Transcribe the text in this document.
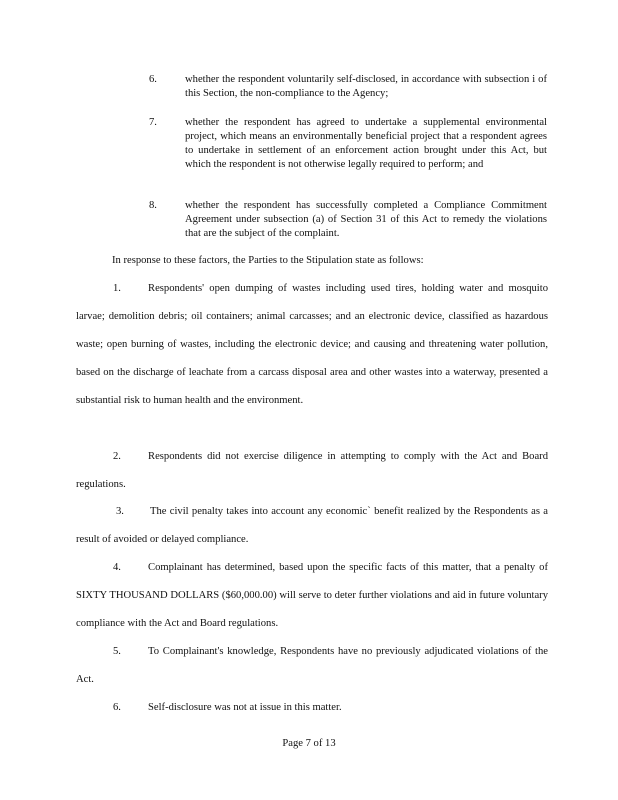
6.	whether the respondent voluntarily self-disclosed, in accordance with subsection i of this Section, the non-compliance to the Agency;
7.	whether the respondent has agreed to undertake a supplemental environmental project, which means an environmentally beneficial project that a respondent agrees to undertake in settlement of an enforcement action brought under this Act, but which the respondent is not otherwise legally required to perform; and
8.	whether the respondent has successfully completed a Compliance Commitment Agreement under subsection (a) of Section 31 of this Act to remedy the violations that are the subject of the complaint.
In response to these factors, the Parties to the Stipulation state as follows:
1.	Respondents' open dumping of wastes including used tires, holding water and mosquito larvae; demolition debris; oil containers; animal carcasses; and an electronic device, classified as hazardous waste; open burning of wastes, including the electronic device; and causing and threatening water pollution, based on the discharge of leachate from a carcass disposal area and other wastes into a waterway, presented a substantial risk to human health and the environment.
2.	Respondents did not exercise diligence in attempting to comply with the Act and Board regulations.
3. The civil penalty takes into account any economic` benefit realized by the Respondents as a result of avoided or delayed compliance.
4.	Complainant has determined, based upon the specific facts of this matter, that a penalty of SIXTY THOUSAND DOLLARS ($60,000.00) will serve to deter further violations and aid in future voluntary compliance with the Act and Board regulations.
5.	To Complainant's knowledge, Respondents have no previously adjudicated violations of the Act.
6.	Self-disclosure was not at issue in this matter.
Page 7 of 13
